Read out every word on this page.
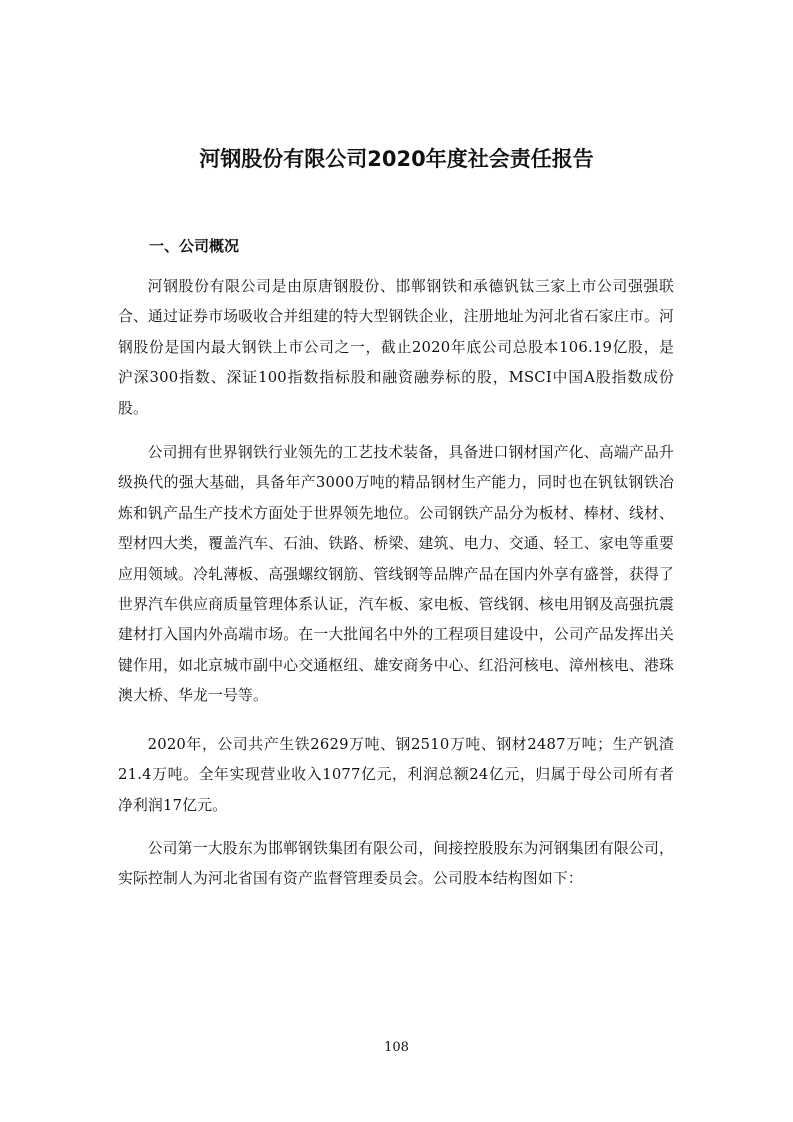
河钢股份有限公司2020年度社会责任报告
一、公司概况

河钢股份有限公司是由原唐钢股份、邯郸钢铁和承德钒钛三家上市公司强强联合、通过证券市场吸收合并组建的特大型钢铁企业，注册地址为河北省石家庄市。河钢股份是国内最大钢铁上市公司之一，截止2020年底公司总股本106.19亿股，是沪深300指数、深证100指数指标股和融资融券标的股，MSCI中国A股指数成份股。

公司拥有世界钢铁行业领先的工艺技术装备，具备进口钢材国产化、高端产品升级换代的强大基础，具备年产3000万吨的精品钢材生产能力，同时也在钒钛钢铁冶炼和钒产品生产技术方面处于世界领先地位。公司钢铁产品分为板材、棒材、线材、型材四大类，覆盖汽车、石油、铁路、桥梁、建筑、电力、交通、轻工、家电等重要应用领域。冷轧薄板、高强螺纹钢筋、管线钢等品牌产品在国内外享有盛誉，获得了世界汽车供应商质量管理体系认证，汽车板、家电板、管线钢、核电用钢及高强抗震建材打入国内外高端市场。在一大批闻名中外的工程项目建设中，公司产品发挥出关键作用，如北京城市副中心交通枢纽、雄安商务中心、红沿河核电、漳州核电、港珠澳大桥、华龙一号等。

2020年，公司共产生铁2629万吨、钢2510万吨、钢材2487万吨；生产钒渣21.4万吨。全年实现营业收入1077亿元，利润总额24亿元，归属于母公司所有者净利润17亿元。

公司第一大股东为邯郸钢铁集团有限公司，间接控股股东为河钢集团有限公司，实际控制人为河北省国有资产监督管理委员会。公司股本结构图如下：

108
